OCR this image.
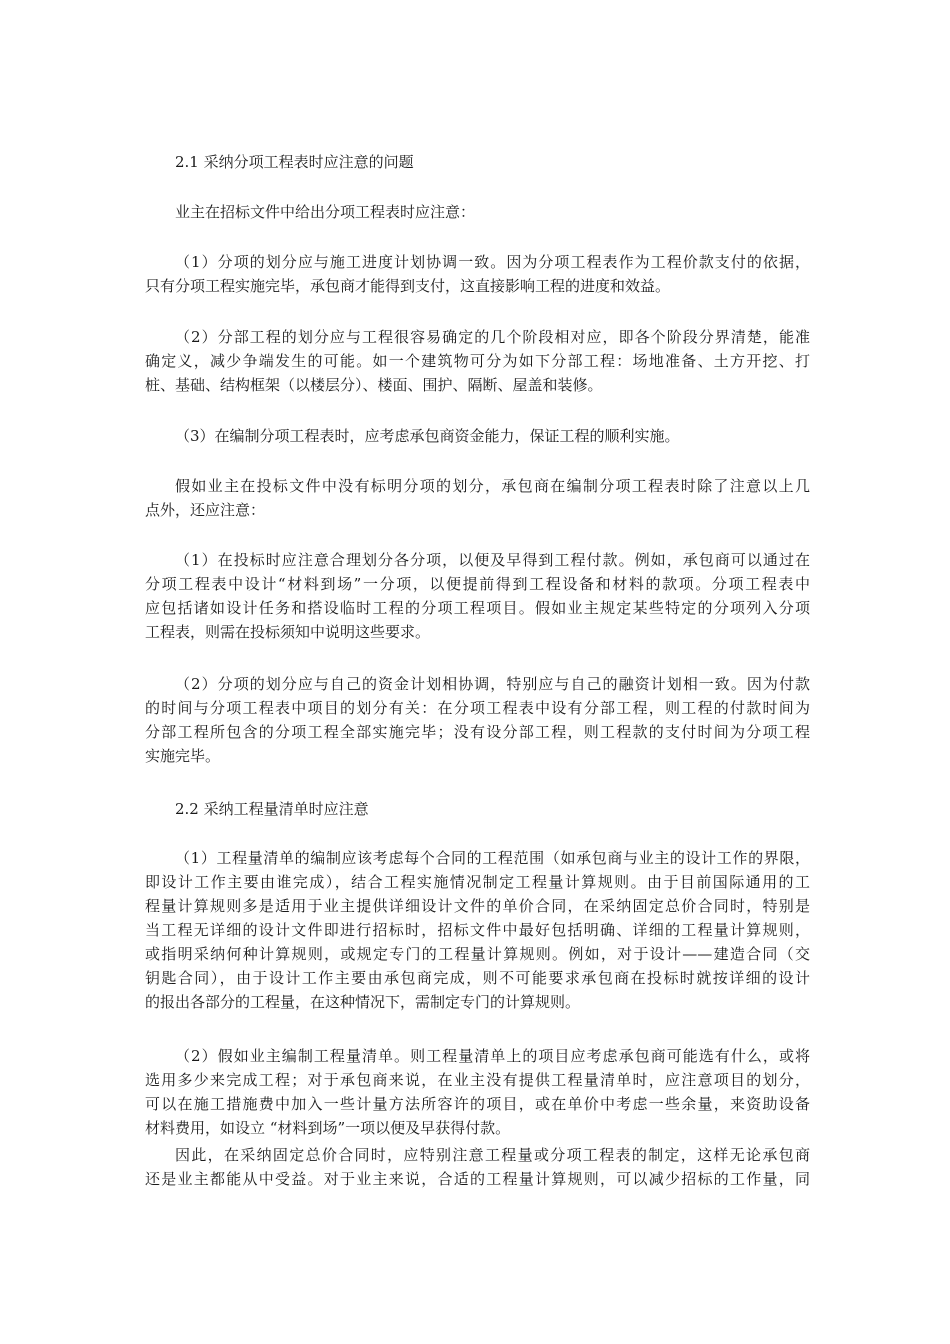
2.1 采纳分项工程表时应注意的问题

业主在招标文件中给出分项工程表时应注意：

（1）分项的划分应与施工进度计划协调一致。因为分项工程表作为工程价款支付的依据，
只有分项工程实施完毕，承包商才能得到支付，这直接影响工程的进度和效益。

（2）分部工程的划分应与工程很容易确定的几个阶段相对应，即各个阶段分界清楚，能准
确定义，减少争端发生的可能。如一个建筑物可分为如下分部工程：场地准备、土方开挖、打
桩、基础、结构框架（以楼层分）、楼面、围护、隔断、屋盖和装修。

（3）在编制分项工程表时，应考虑承包商资金能力，保证工程的顺利实施。

假如业主在投标文件中没有标明分项的划分，承包商在编制分项工程表时除了注意以上几
点外，还应注意：

（1）在投标时应注意合理划分各分项，以便及早得到工程付款。例如，承包商可以通过在
分项工程表中设计“材料到场”一分项，以便提前得到工程设备和材料的款项。分项工程表中
应包括诸如设计任务和搭设临时工程的分项工程项目。假如业主规定某些特定的分项列入分项
工程表，则需在投标须知中说明这些要求。

（2）分项的划分应与自己的资金计划相协调，特别应与自己的融资计划相一致。因为付款
的时间与分项工程表中项目的划分有关：在分项工程表中设有分部工程，则工程的付款时间为
分部工程所包含的分项工程全部实施完毕；没有设分部工程，则工程款的支付时间为分项工程
实施完毕。

2.2 采纳工程量清单时应注意

（1）工程量清单的编制应该考虑每个合同的工程范围（如承包商与业主的设计工作的界限，
即设计工作主要由谁完成），结合工程实施情况制定工程量计算规则。由于目前国际通用的工
程量计算规则多是适用于业主提供详细设计文件的单价合同，在采纳固定总价合同时，特别是
当工程无详细的设计文件即进行招标时，招标文件中最好包括明确、详细的工程量计算规则，
或指明采纳何种计算规则，或规定专门的工程量计算规则。例如，对于设计——建造合同（交
钥匙合同），由于设计工作主要由承包商完成，则不可能要求承包商在投标时就按详细的设计
的报出各部分的工程量，在这种情况下，需制定专门的计算规则。

（2）假如业主编制工程量清单。则工程量清单上的项目应考虑承包商可能选有什么，或将
选用多少来完成工程；对于承包商来说，在业主没有提供工程量清单时，应注意项目的划分，
可以在施工措施费中加入一些计量方法所容许的项目，或在单价中考虑一些余量，来资助设备
材料费用，如设立 “材料到场”一项以便及早获得付款。

因此，在采纳固定总价合同时，应特别注意工程量或分项工程表的制定，这样无论承包商
还是业主都能从中受益。对于业主来说，合适的工程量计算规则，可以减少招标的工作量，同
